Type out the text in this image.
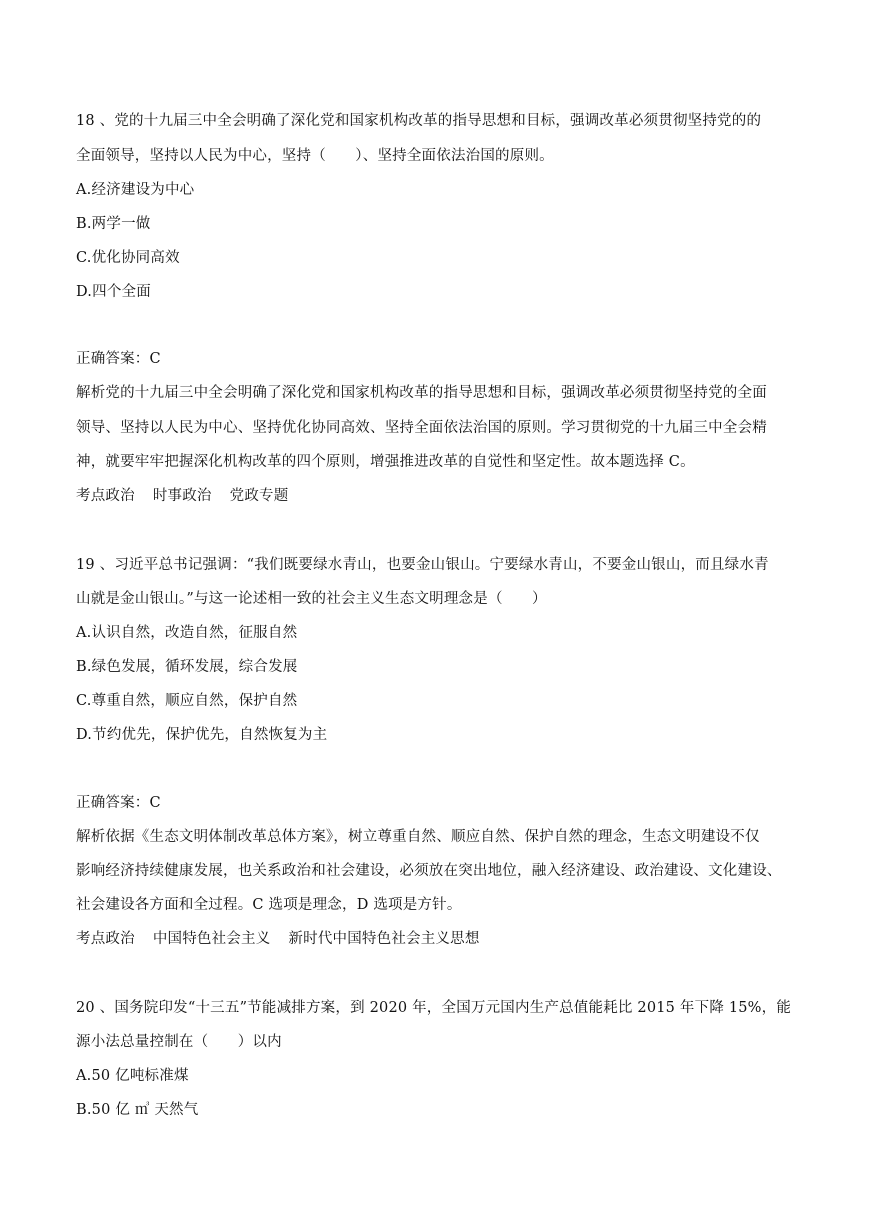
18 、党的十九届三中全会明确了深化党和国家机构改革的指导思想和目标，强调改革必须贯彻坚持党的的
全面领导，坚持以人民为中心，坚持（　　）、坚持全面依法治国的原则。
A.经济建设为中心
B.两学一做
C.优化协同高效
D.四个全面
正确答案：C
解析党的十九届三中全会明确了深化党和国家机构改革的指导思想和目标，强调改革必须贯彻坚持党的全面
领导、坚持以人民为中心、坚持优化协同高效、坚持全面依法治国的原则。学习贯彻党的十九届三中全会精
神，就要牢牢把握深化机构改革的四个原则，增强推进改革的自觉性和坚定性。故本题选择 C。
考点政治 时事政治 党政专题
19 、习近平总书记强调：“我们既要绿水青山，也要金山银山。宁要绿水青山，不要金山银山，而且绿水青
山就是金山银山。”与这一论述相一致的社会主义生态文明理念是（　　）
A.认识自然，改造自然，征服自然
B.绿色发展，循环发展，综合发展
C.尊重自然，顺应自然，保护自然
D.节约优先，保护优先，自然恢复为主
正确答案：C
解析依据《生态文明体制改革总体方案》，树立尊重自然、顺应自然、保护自然的理念，生态文明建设不仅
影响经济持续健康发展，也关系政治和社会建设，必须放在突出地位，融入经济建设、政治建设、文化建设、
社会建设各方面和全过程。C 选项是理念，D 选项是方针。
考点政治 中国特色社会主义 新时代中国特色社会主义思想
20 、国务院印发“十三五”节能减排方案，到 2020 年，全国万元国内生产总值能耗比 2015 年下降 15%，能
源小法总量控制在（　　）以内
A.50 亿吨标准煤
B.50 亿 ㎥ 天然气
